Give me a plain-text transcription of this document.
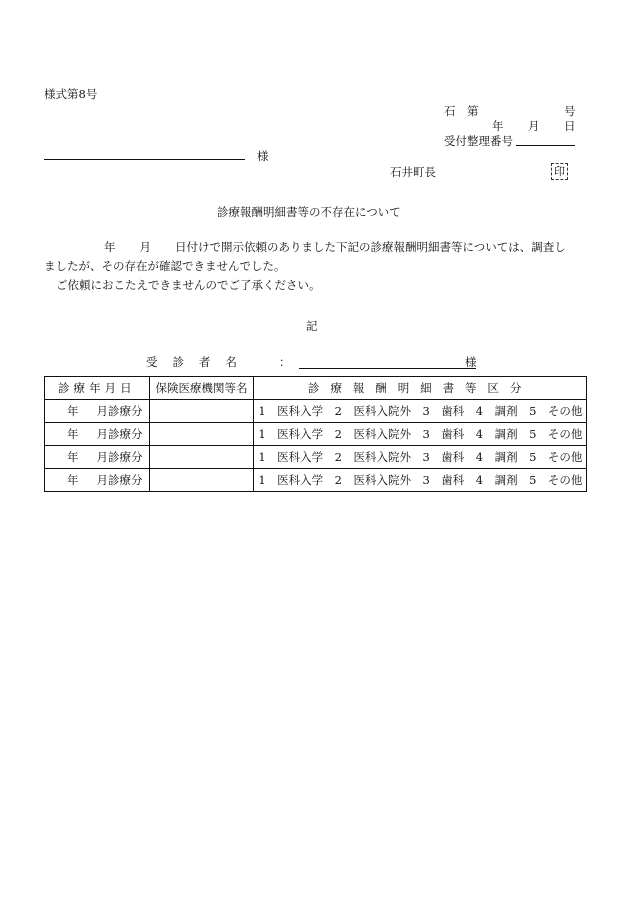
様式第8号
石　第	号
年 月 日
受付整理番号
様
石井町長	印
診療報酬明細書等の不存在について
年 月 日付けで開示依頼のありました下記の診療報酬明細書等については、調査し
ましたが、その存在が確認できませんでした。
ご依頼におこたえできませんのでご了承ください。
記
受診者名 ：	様
診療年月日	保険医療機関等名	診療報酬明細書等区分
年 月診療分		1　医科入学　2　医科入院外　3　歯科　4　調剤　5　その他
年 月診療分		1　医科入学　2　医科入院外　3　歯科　4　調剤　5　その他
年 月診療分		1　医科入学　2　医科入院外　3　歯科　4　調剤　5　その他
年 月診療分		1　医科入学　2　医科入院外　3　歯科　4　調剤　5　その他
